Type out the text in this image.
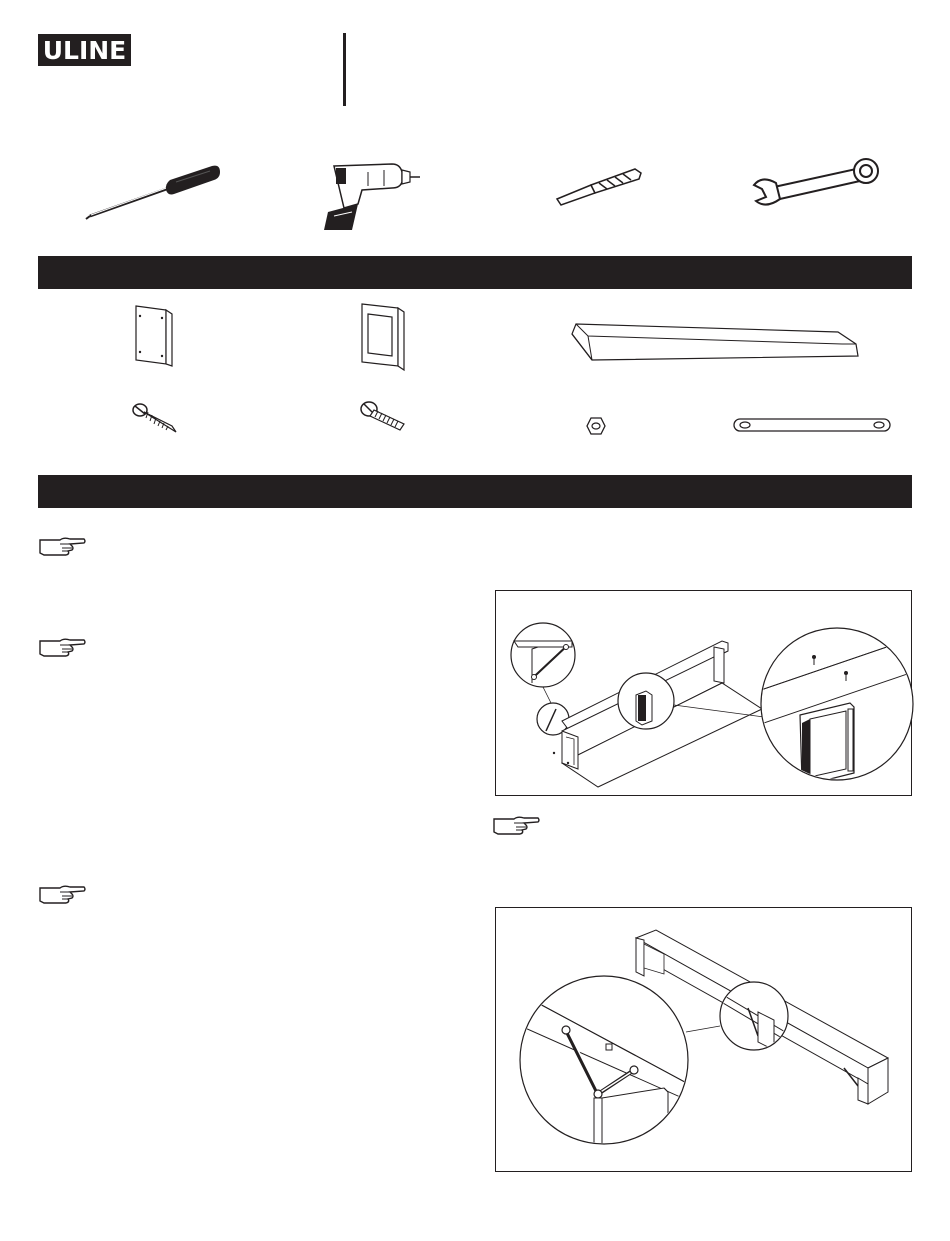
ULINE
